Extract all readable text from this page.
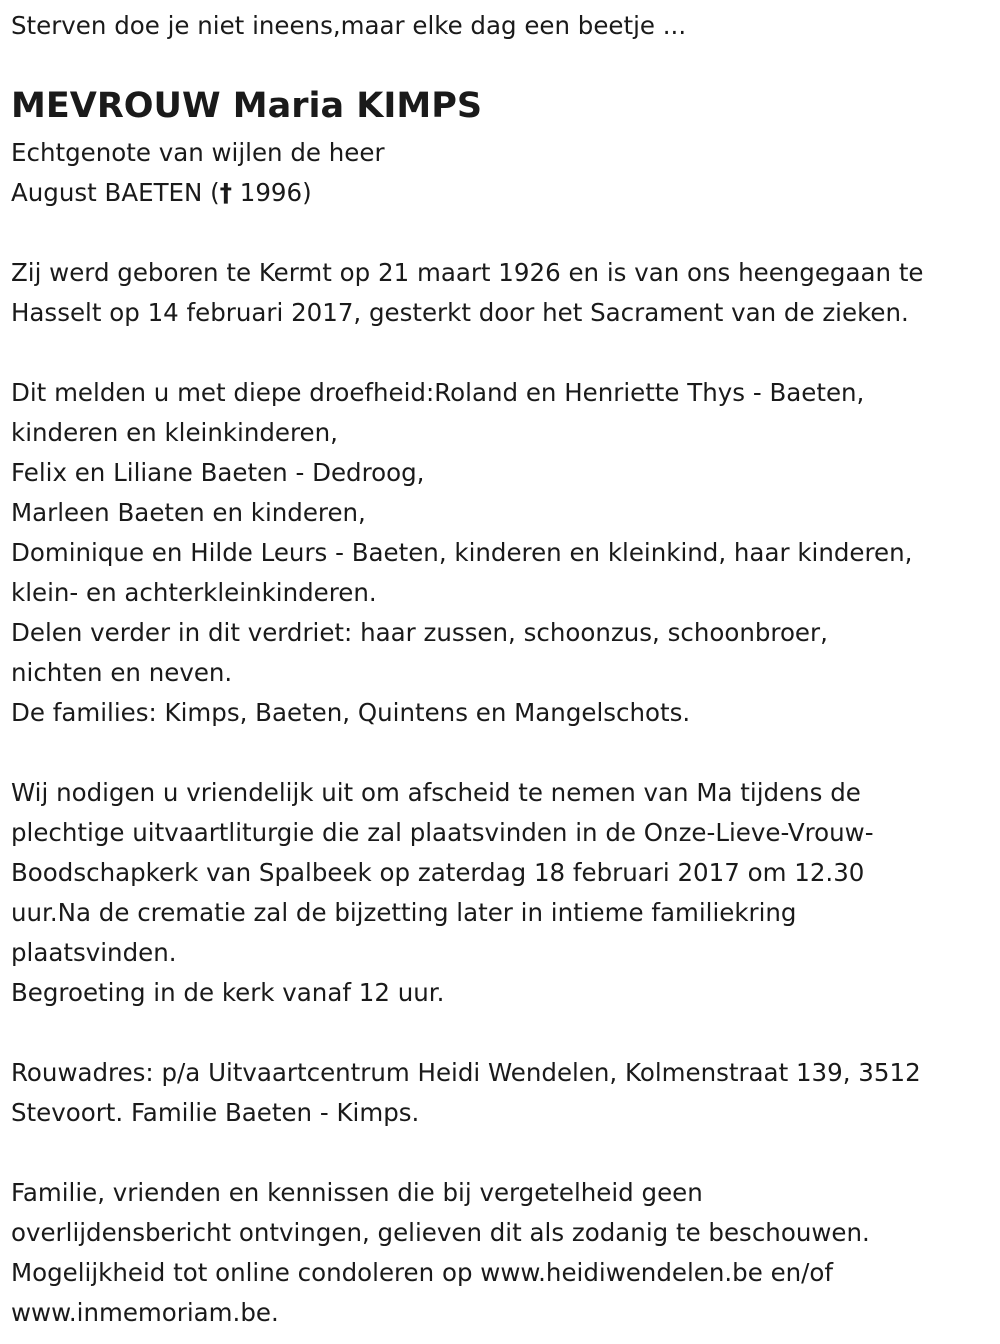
Sterven doe je niet ineens,maar elke dag een beetje ...
MEVROUW Maria KIMPS
Echtgenote van wijlen de heer
August BAETEN († 1996)
Zij werd geboren te Kermt op 21 maart 1926 en is van ons heengegaan te
Hasselt op 14 februari 2017, gesterkt door het Sacrament van de zieken.
Dit melden u met diepe droefheid:Roland en Henriette Thys - Baeten,
kinderen en kleinkinderen,
Felix en Liliane Baeten - Dedroog,
Marleen Baeten en kinderen,
Dominique en Hilde Leurs - Baeten, kinderen en kleinkind, haar kinderen,
klein- en achterkleinkinderen.
Delen verder in dit verdriet: haar zussen, schoonzus, schoonbroer,
nichten en neven.
De families: Kimps, Baeten, Quintens en Mangelschots.
Wij nodigen u vriendelijk uit om afscheid te nemen van Ma tijdens de
plechtige uitvaartliturgie die zal plaatsvinden in de Onze-Lieve-Vrouw-
Boodschapkerk van Spalbeek op zaterdag 18 februari 2017 om 12.30
uur.Na de crematie zal de bijzetting later in intieme familiekring
plaatsvinden.
Begroeting in de kerk vanaf 12 uur.
Rouwadres: p/a Uitvaartcentrum Heidi Wendelen, Kolmenstraat 139, 3512
Stevoort. Familie Baeten - Kimps.
Familie, vrienden en kennissen die bij vergetelheid geen
overlijdensbericht ontvingen, gelieven dit als zodanig te beschouwen.
Mogelijkheid tot online condoleren op www.heidiwendelen.be en/of
www.inmemoriam.be.
